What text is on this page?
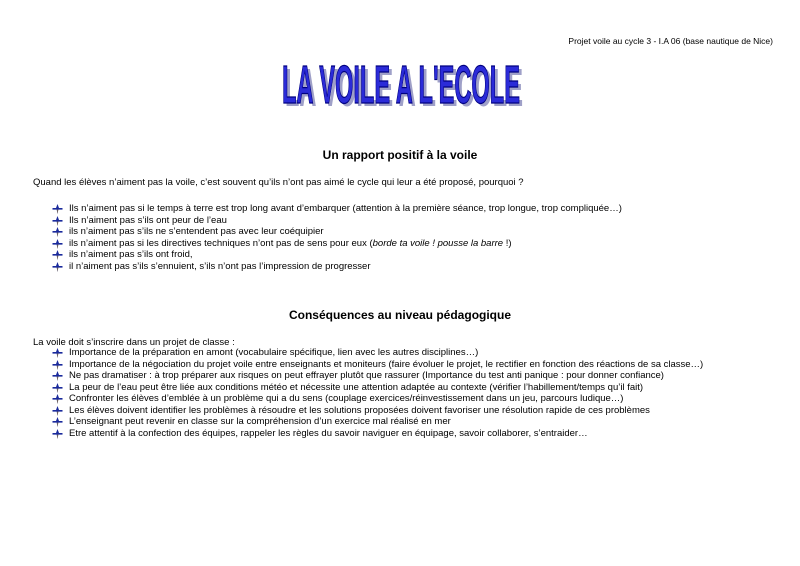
Projet voile au cycle 3 - I.A 06 (base nautique de Nice)
LA VOILE A L'ECOLE
LA VOILE A L'ECOLE
Un rapport positif à la voile
Quand les élèves n’aiment pas la voile, c’est souvent qu’ils n’ont pas aimé le cycle qui leur a été proposé, pourquoi ?
Ils n’aiment pas si le temps à terre est trop long avant d’embarquer (attention à la première séance, trop longue, trop compliquée…)
Ils n’aiment pas s’ils ont peur de l’eau
ils n’aiment pas s’ils ne s’entendent pas avec leur coéquipier
ils n’aiment pas si les directives techniques n’ont pas de sens pour eux (borde ta voile ! pousse la barre !)
ils n’aiment pas s’ils ont froid,
il n’aiment pas s’ils s’ennuient, s’ils n’ont pas l’impression de progresser
Conséquences au niveau pédagogique
La voile doit s’inscrire dans un projet de classe :
Importance de la préparation en amont (vocabulaire spécifique, lien avec les autres disciplines…)
Importance de la négociation du projet voile entre enseignants et moniteurs (faire évoluer le projet, le rectifier en fonction des réactions de sa classe…)
Ne pas dramatiser : à trop préparer aux risques on peut effrayer plutôt que rassurer (Importance du test anti panique : pour donner confiance)
La peur de l’eau peut être liée aux conditions météo et nécessite une attention adaptée au contexte (vérifier l’habillement/temps qu’il fait)
Confronter les élèves d’emblée à un problème qui a du sens (couplage exercices/réinvestissement dans un jeu, parcours ludique…)
Les élèves doivent identifier les problèmes à résoudre et les solutions proposées doivent favoriser une résolution rapide de ces problèmes
L’enseignant peut revenir en classe sur la compréhension d’un exercice mal réalisé en mer
Etre attentif à la confection des équipes, rappeler les règles du savoir naviguer en équipage, savoir collaborer, s’entraider…
